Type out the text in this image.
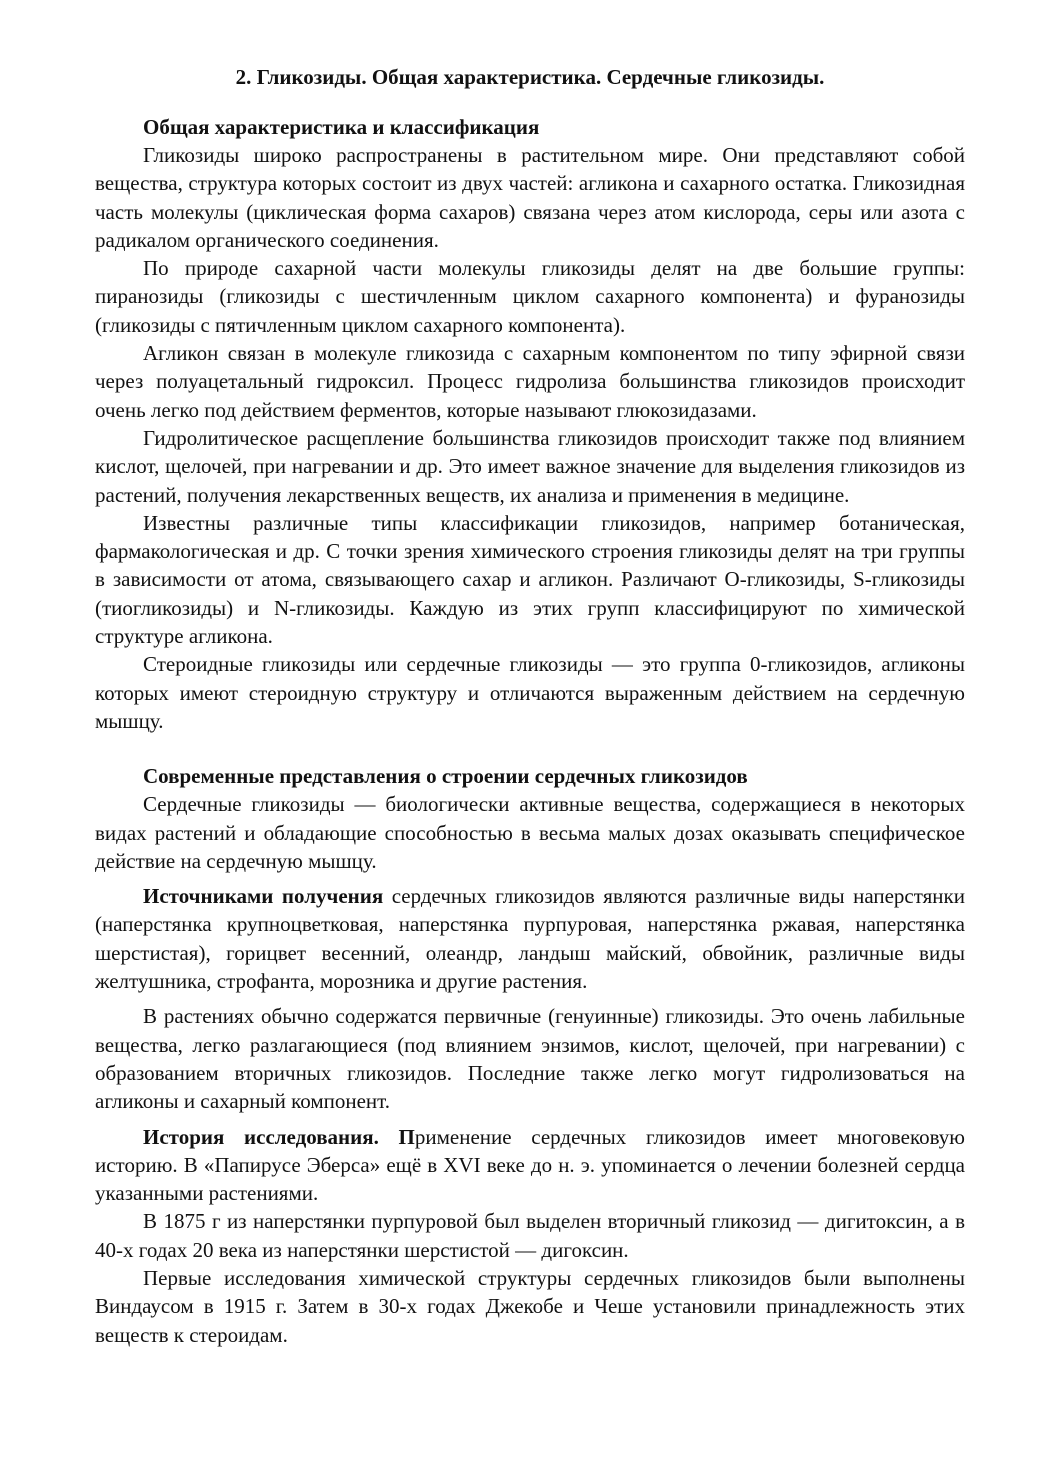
2. Гликозиды. Общая характеристика. Сердечные гликозиды.
Общая характеристика и классификация

Гликозиды широко распространены в растительном мире. Они представляют собой вещества, структура которых состоит из двух частей: агликона и сахарного остатка. Гликозидная часть молекулы (циклическая форма сахаров) связана через атом кислорода, серы или азота с радикалом органического соединения.

По природе сахарной части молекулы гликозиды делят на две большие группы: пиранозиды (гликозиды с шестичленным циклом сахарного компонента) и фуранозиды (гликозиды с пятичленным циклом сахарного компонента).

Агликон связан в молекуле гликозида с сахарным компонентом по типу эфирной связи через полуацетальный гидроксил. Процесс гидролиза большинства гликозидов происходит очень легко под действием ферментов, которые называют глюкозидазами.

Гидролитическое расщепление большинства гликозидов происходит также под влиянием кислот, щелочей, при нагревании и др. Это имеет важное значение для выделения гликозидов из растений, получения лекарственных веществ, их анализа и применения в медицине.

Известны различные типы классификации гликозидов, например ботаническая, фармакологическая и др. С точки зрения химического строения гликозиды делят на три группы в зависимости от атома, связывающего сахар и агликон. Различают О-гликозиды, S-гликозиды (тиогликозиды) и N-гликозиды. Каждую из этих групп классифицируют по химической структуре агликона.

Стероидные гликозиды или сердечные гликозиды — это группа 0-гликозидов, агликоны которых имеют стероидную структуру и отличаются выраженным действием на сердечную мышцу.

Современные представления о строении сердечных гликозидов

Сердечные гликозиды — биологически активные вещества, содержащиеся в некоторых видах растений и обладающие способностью в весьма малых дозах оказывать специфическое действие на сердечную мышцу.

Источниками получения сердечных гликозидов являются различные виды наперстянки (наперстянка крупноцветковая, наперстянка пурпуровая, наперстянка ржавая, наперстянка шерстистая), горицвет весенний, олеандр, ландыш майский, обвойник, различные виды желтушника, строфанта, морозника и другие растения.

В растениях обычно содержатся первичные (генуинные) гликозиды. Это очень лабильные вещества, легко разлагающиеся (под влиянием энзимов, кислот, щелочей, при нагревании) с образованием вторичных гликозидов. Последние также легко могут гидролизоваться на агликоны и сахарный компонент.

История исследования. Применение сердечных гликозидов имеет многовековую историю. В «Папирусе Эберса» ещё в XVI веке до н. э. упоминается о лечении болезней сердца указанными растениями.

В 1875 г из наперстянки пурпуровой был выделен вторичный гликозид — дигитоксин, а в 40-х годах 20 века из наперстянки шерстистой — дигоксин.

Первые исследования химической структуры сердечных гликозидов были выполнены Виндаусом в 1915 г. Затем в 30-х годах Джекобе и Чеше установили принадлежность этих веществ к стероидам.
